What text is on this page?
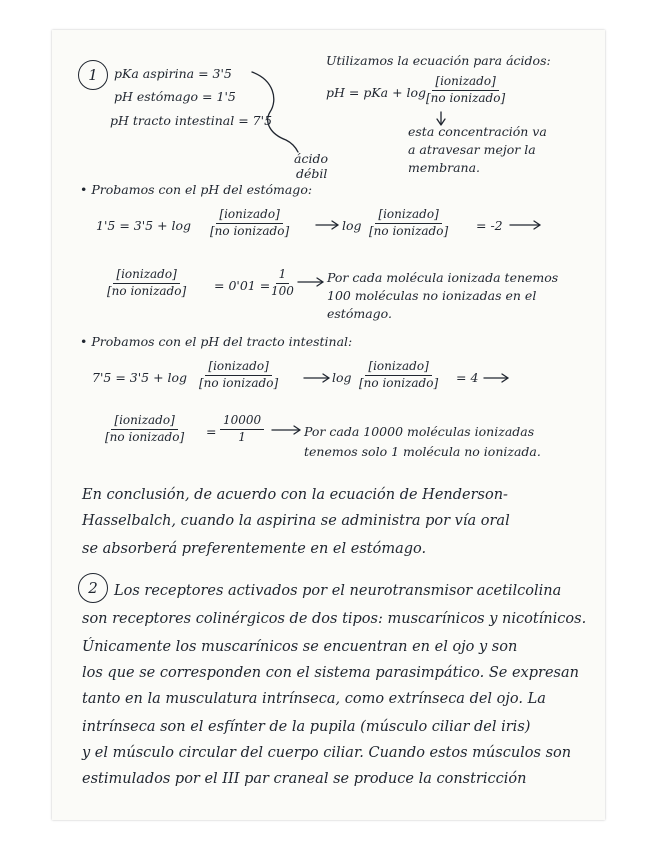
1	pKa aspirina = 3'5
pH estómago = 1'5
pH tracto intestinal = 7'5
ácido
débil
Utilizamos la ecuación para ácidos:
pH = pKa + log
[ionizado]
[no ionizado]
esta concentración va
a atravesar mejor la
membrana.
• Probamos con el pH del estómago:
1'5 = 3'5 + log
[ionizado]
[no ionizado]	log
[ionizado]
[no ionizado] = -2
[ionizado]
[no ionizado] = 0'01 =
$\frac{1}{100}$ Por cada molécula ionizada tenemos
100 moléculas no ionizadas en el
estómago.
• Probamos con el pH del tracto intestinal:
7'5 = 3'5 + log
[ionizado]
[no ionizado]	log
[ionizado]
[no ionizado] = 4
[ionizado]
[no ionizado] = $\frac{10000}{1}$	Por cada 10000 moléculas ionizadas
tenemos solo 1 molécula no ionizada.
En conclusión, de acuerdo con la ecuación de Henderson-
Hasselbalch, cuando la aspirina se administra por vía oral
se absorberá preferentemente en el estómago.
2	Los receptores activados por el neurotransmisor acetilcolina
son receptores colinérgicos de dos tipos: muscarínicos y nicotínicos.
Únicamente los muscarínicos se encuentran en el ojo y son
los que se corresponden con el sistema parasimpático. Se expresan
tanto en la musculatura intrínseca, como extrínseca del ojo. La
intrínseca son el esfínter de la pupila (músculo ciliar del iris)
y el músculo circular del cuerpo ciliar. Cuando estos músculos son
estimulados por el III par craneal se produce la constricción
